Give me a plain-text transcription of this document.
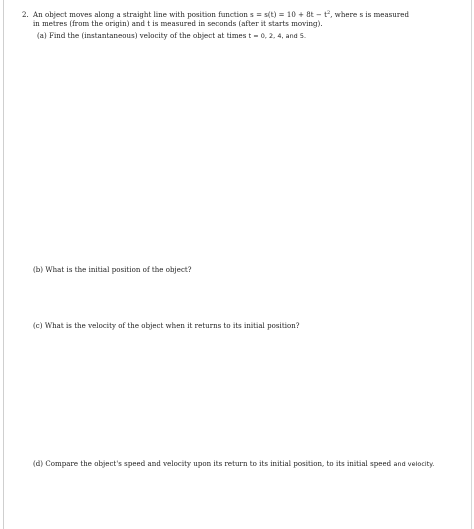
2. An object moves along a straight line with position function $s = s(t) = 10 + 8t - t^2$, where s is measured
in metres (from the origin) and t is measured in seconds (after it starts moving).
(a) Find the (instantaneous) velocity of the object at times t = 0, 2, 4, and 5.
(b) What is the initial position of the object?
(c) What is the velocity of the object when it returns to its initial position?
(d) Compare the object's speed and velocity upon its return to its initial position, to its initial speed and velocity.
